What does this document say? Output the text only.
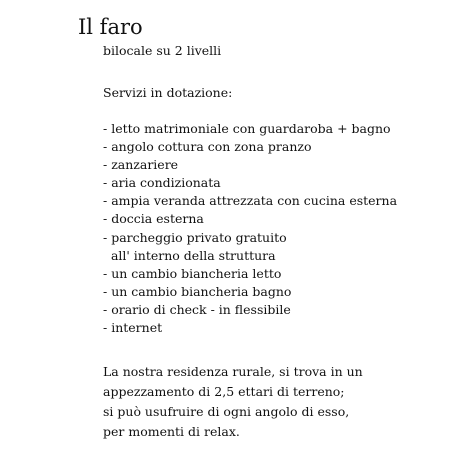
Il faro
bilocale su 2 livelli
Servizi in dotazione:
- letto matrimoniale con guardaroba + bagno
- angolo cottura con zona pranzo
- zanzariere
- aria condizionata
- ampia veranda attrezzata con cucina esterna
- doccia esterna
- parcheggio privato gratuito
all' interno della struttura
- un cambio biancheria letto
- un cambio biancheria bagno
- orario di check - in flessibile
- internet
La nostra residenza rurale, si trova in un
appezzamento di 2,5 ettari di terreno;
si può usufruire di ogni angolo di esso,
per momenti di relax.
